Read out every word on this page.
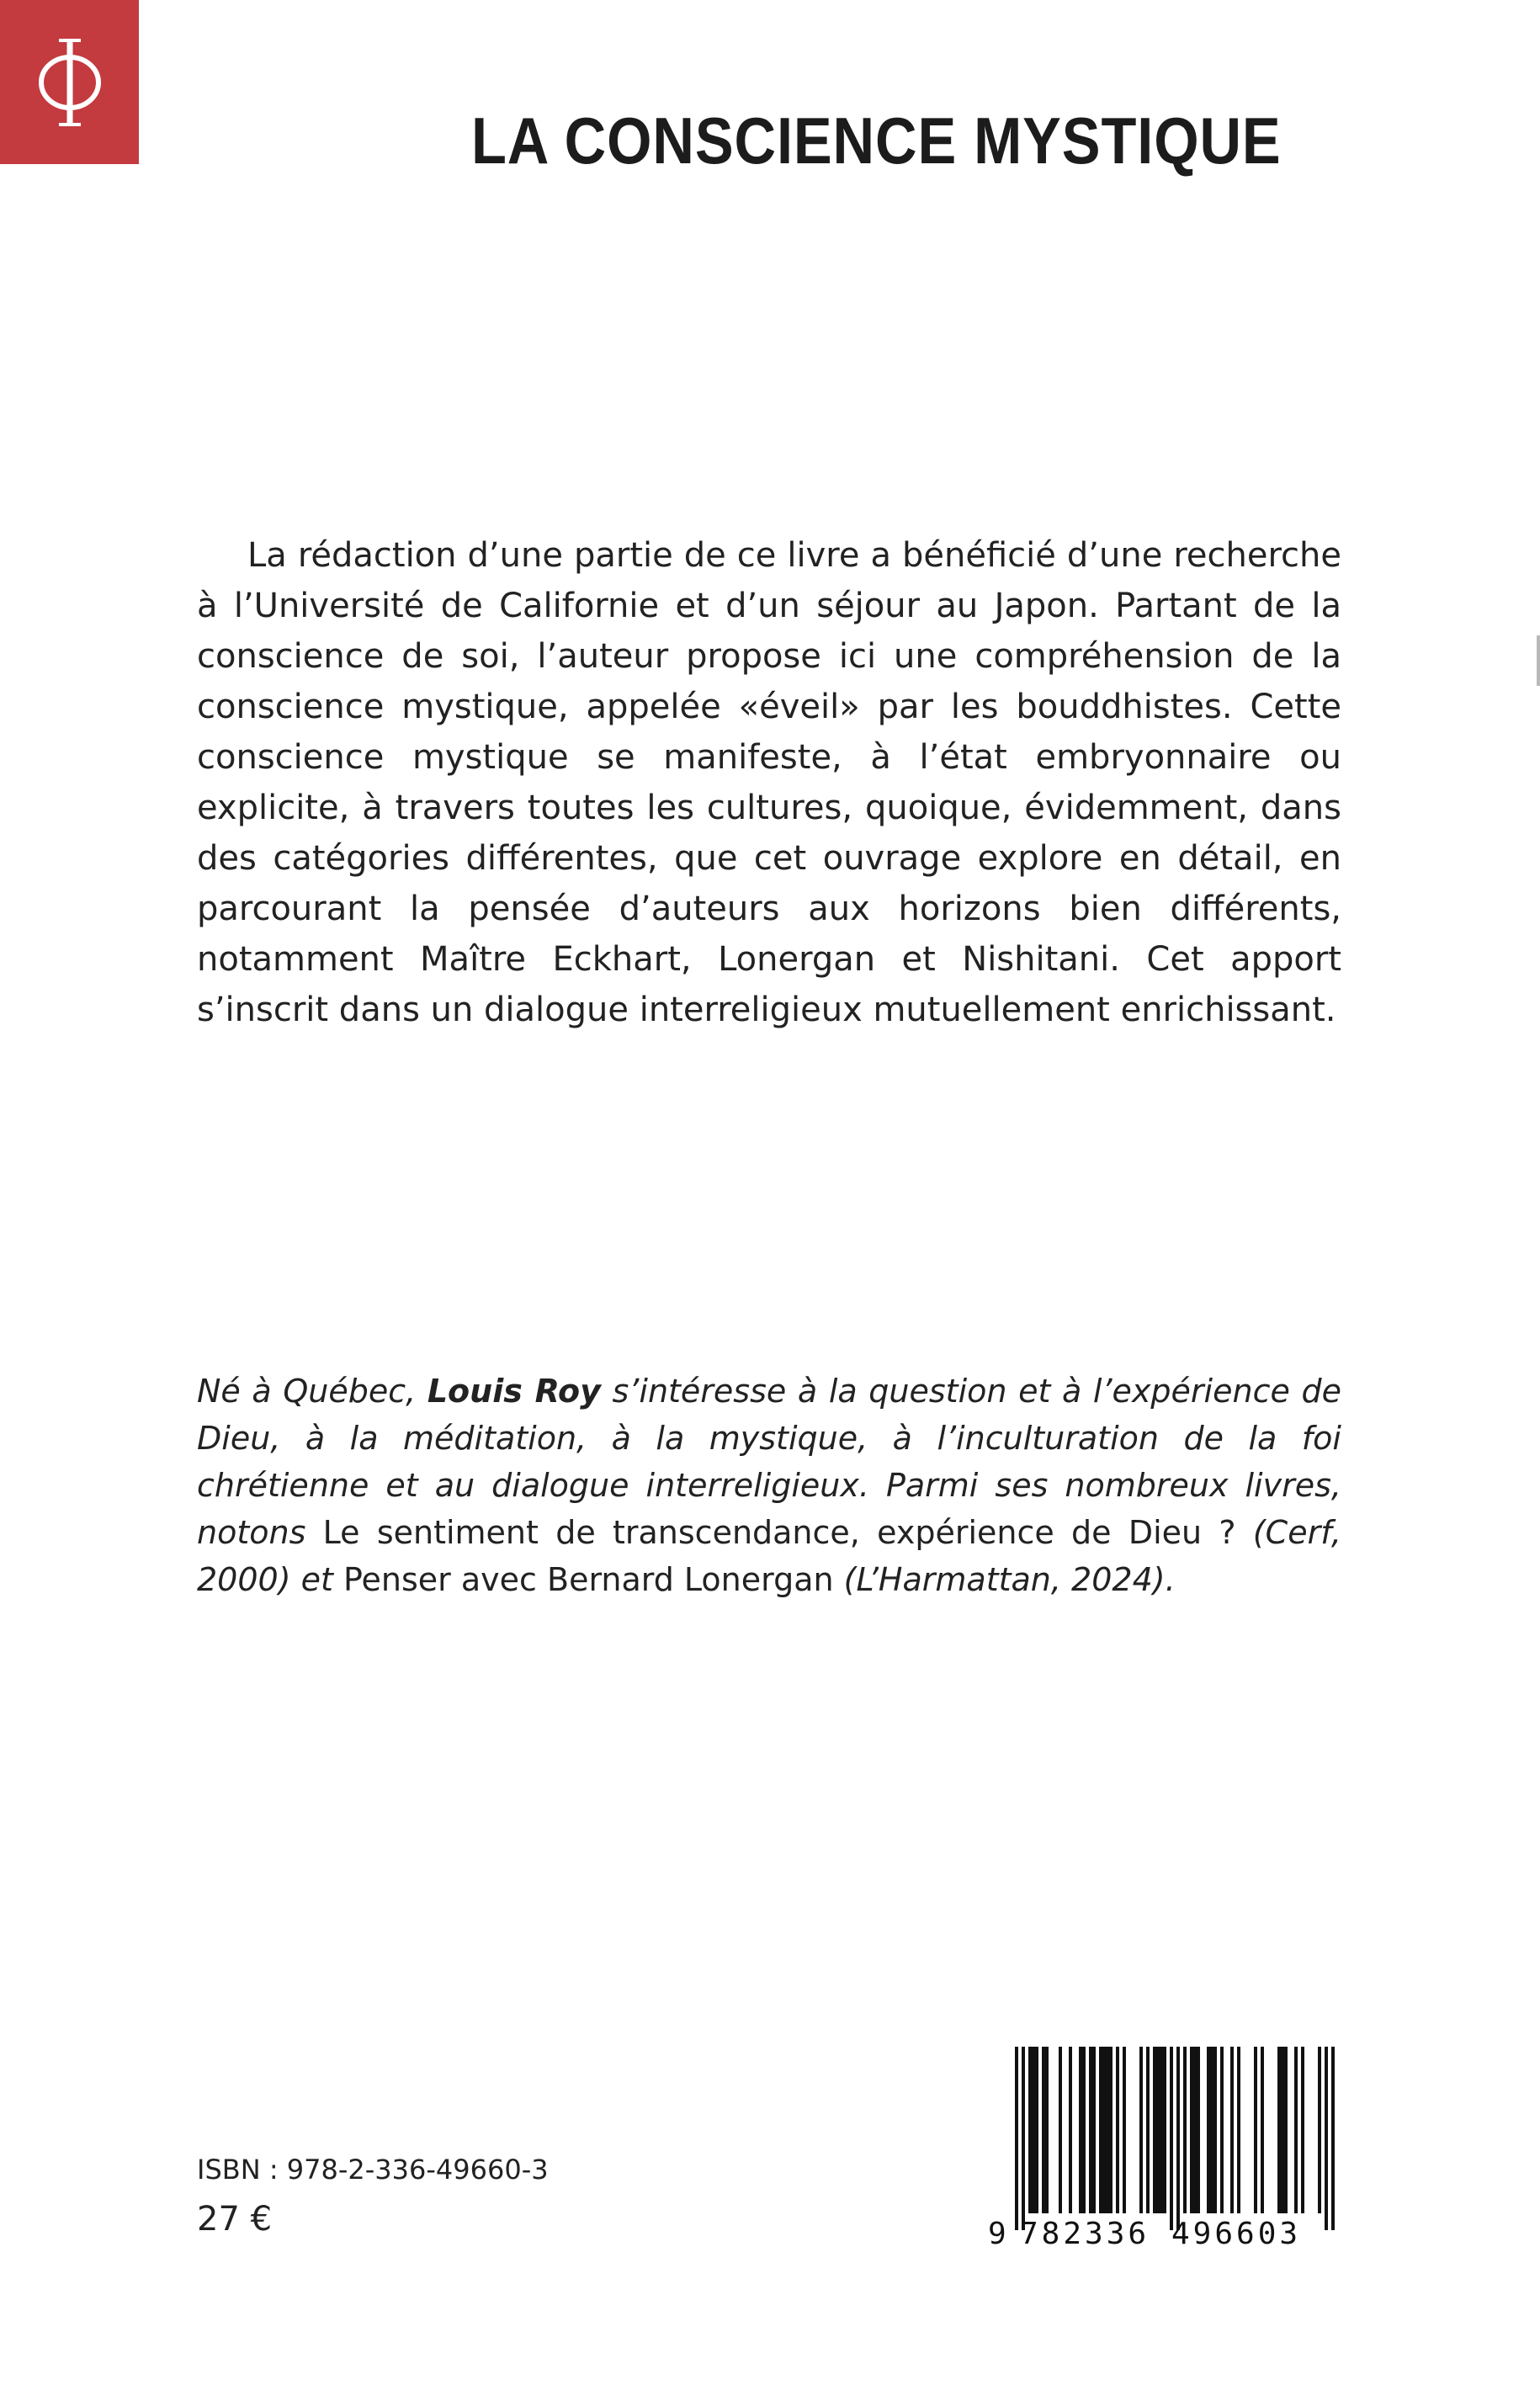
LA CONSCIENCE MYSTIQUE

La rédaction d’une partie de ce livre a bénéficié d’une recherche à l’Université de Californie et d’un séjour au Japon. Partant de la conscience de soi, l’auteur propose ici une compréhension de la conscience mystique, appelée «éveil» par les bouddhistes. Cette conscience mystique se manifeste, à l’état embryonnaire ou explicite, à travers toutes les cultures, quoique, évidemment, dans des catégories différentes, que cet ouvrage explore en détail, en parcourant la pensée d’auteurs aux horizons bien différents, notamment Maître Eckhart, Lonergan et Nishitani. Cet apport s’inscrit dans un dialogue interreligieux mutuellement enrichissant.

Né à Québec, Louis Roy s’intéresse à la question et à l’expérience de Dieu, à la méditation, à la mystique, à l’inculturation de la foi chrétienne et au dialogue interreligieux. Parmi ses nombreux livres, notons Le sentiment de transcendance, expérience de Dieu ? (Cerf, 2000) et Penser avec Bernard Lonergan (L’Harmattan, 2024).

ISBN : 978-2-336-49660-3
27 €	9 782336 496603
